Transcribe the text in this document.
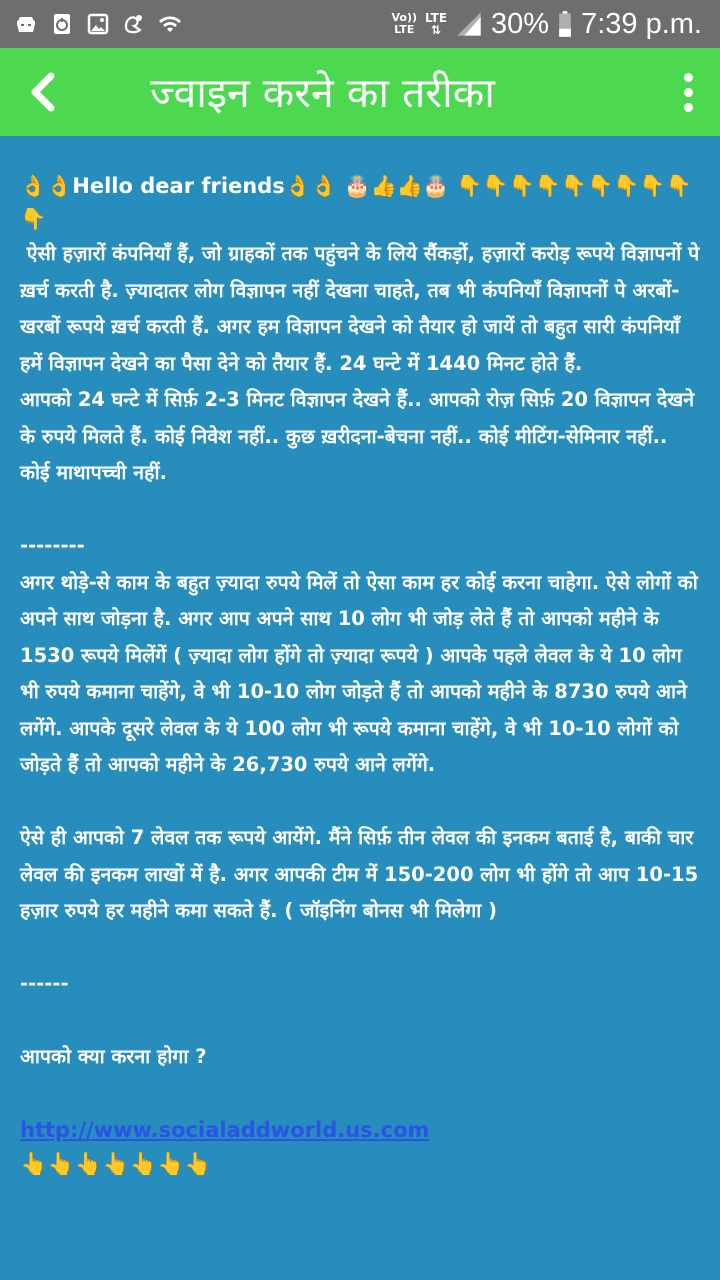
Vo))
LTE
LTE
⇅ 30% 7:39 p.m.
ज्वाइन करने का तरीका

👌👌Hello dear friends👌👌 🎂👍👍🎂 👇👇👇👇👇👇👇👇👇👇

ऐसी हज़ारों कंपनियाँ हैं, जो ग्राहकों तक पहुंचने के लिये सैंकड़ों, हज़ारों करोड़ रूपये विज्ञापनों पे ख़र्च करती है. ज़्यादातर लोग विज्ञापन नहीं देखना चाहते, तब भी कंपनियाँ विज्ञापनों पे अरबों-खरबों रूपये ख़र्च करती हैं. अगर हम विज्ञापन देखने को तैयार हो जायें तो बहुत सारी कंपनियाँ हमें विज्ञापन देखने का पैसा देने को तैयार हैं. 24 घन्टे में 1440 मिनट होते हैं.
आपको 24 घन्टे में सिर्फ़ 2-3 मिनट विज्ञापन देखने हैं.. आपको रोज़ सिर्फ़ 20 विज्ञापन देखने के रुपये मिलते हैं. कोई निवेश नहीं.. कुछ ख़रीदना-बेचना नहीं.. कोई मीटिंग-सेमिनार नहीं.. कोई माथापच्ची नहीं.

--------

अगर थोड़े-से काम के बहुत ज़्यादा रुपये मिलें तो ऐसा काम हर कोई करना चाहेगा. ऐसे लोगों को अपने साथ जोड़ना है. अगर आप अपने साथ 10 लोग भी जोड़ लेते हैं तो आपको महीने के 1530 रूपये मिलेंगें ( ज़्यादा लोग होंगे तो ज़्यादा रूपये ) आपके पहले लेवल के ये 10 लोग भी रुपये कमाना चाहेंगे, वे भी 10-10 लोग जोड़ते हैं तो आपको महीने के 8730 रुपये आने लगेंगे. आपके दूसरे लेवल के ये 100 लोग भी रूपये कमाना चाहेंगे, वे भी 10-10 लोगों को जोड़ते हैं तो आपको महीने के 26,730 रुपये आने लगेंगे.

ऐसे ही आपको 7 लेवल तक रूपये आयेंगे. मैंने सिर्फ़ तीन लेवल की इनकम बताई है, बाकी चार लेवल की इनकम लाखों में है. अगर आपकी टीम में 150-200 लोग भी होंगे तो आप 10-15 हज़ार रुपये हर महीने कमा सकते हैं. ( जॉइनिंग बोनस भी मिलेगा )

------

आपको क्या करना होगा ?

http://www.socialaddworld.us.com

👆👆👆👆👆👆👆
